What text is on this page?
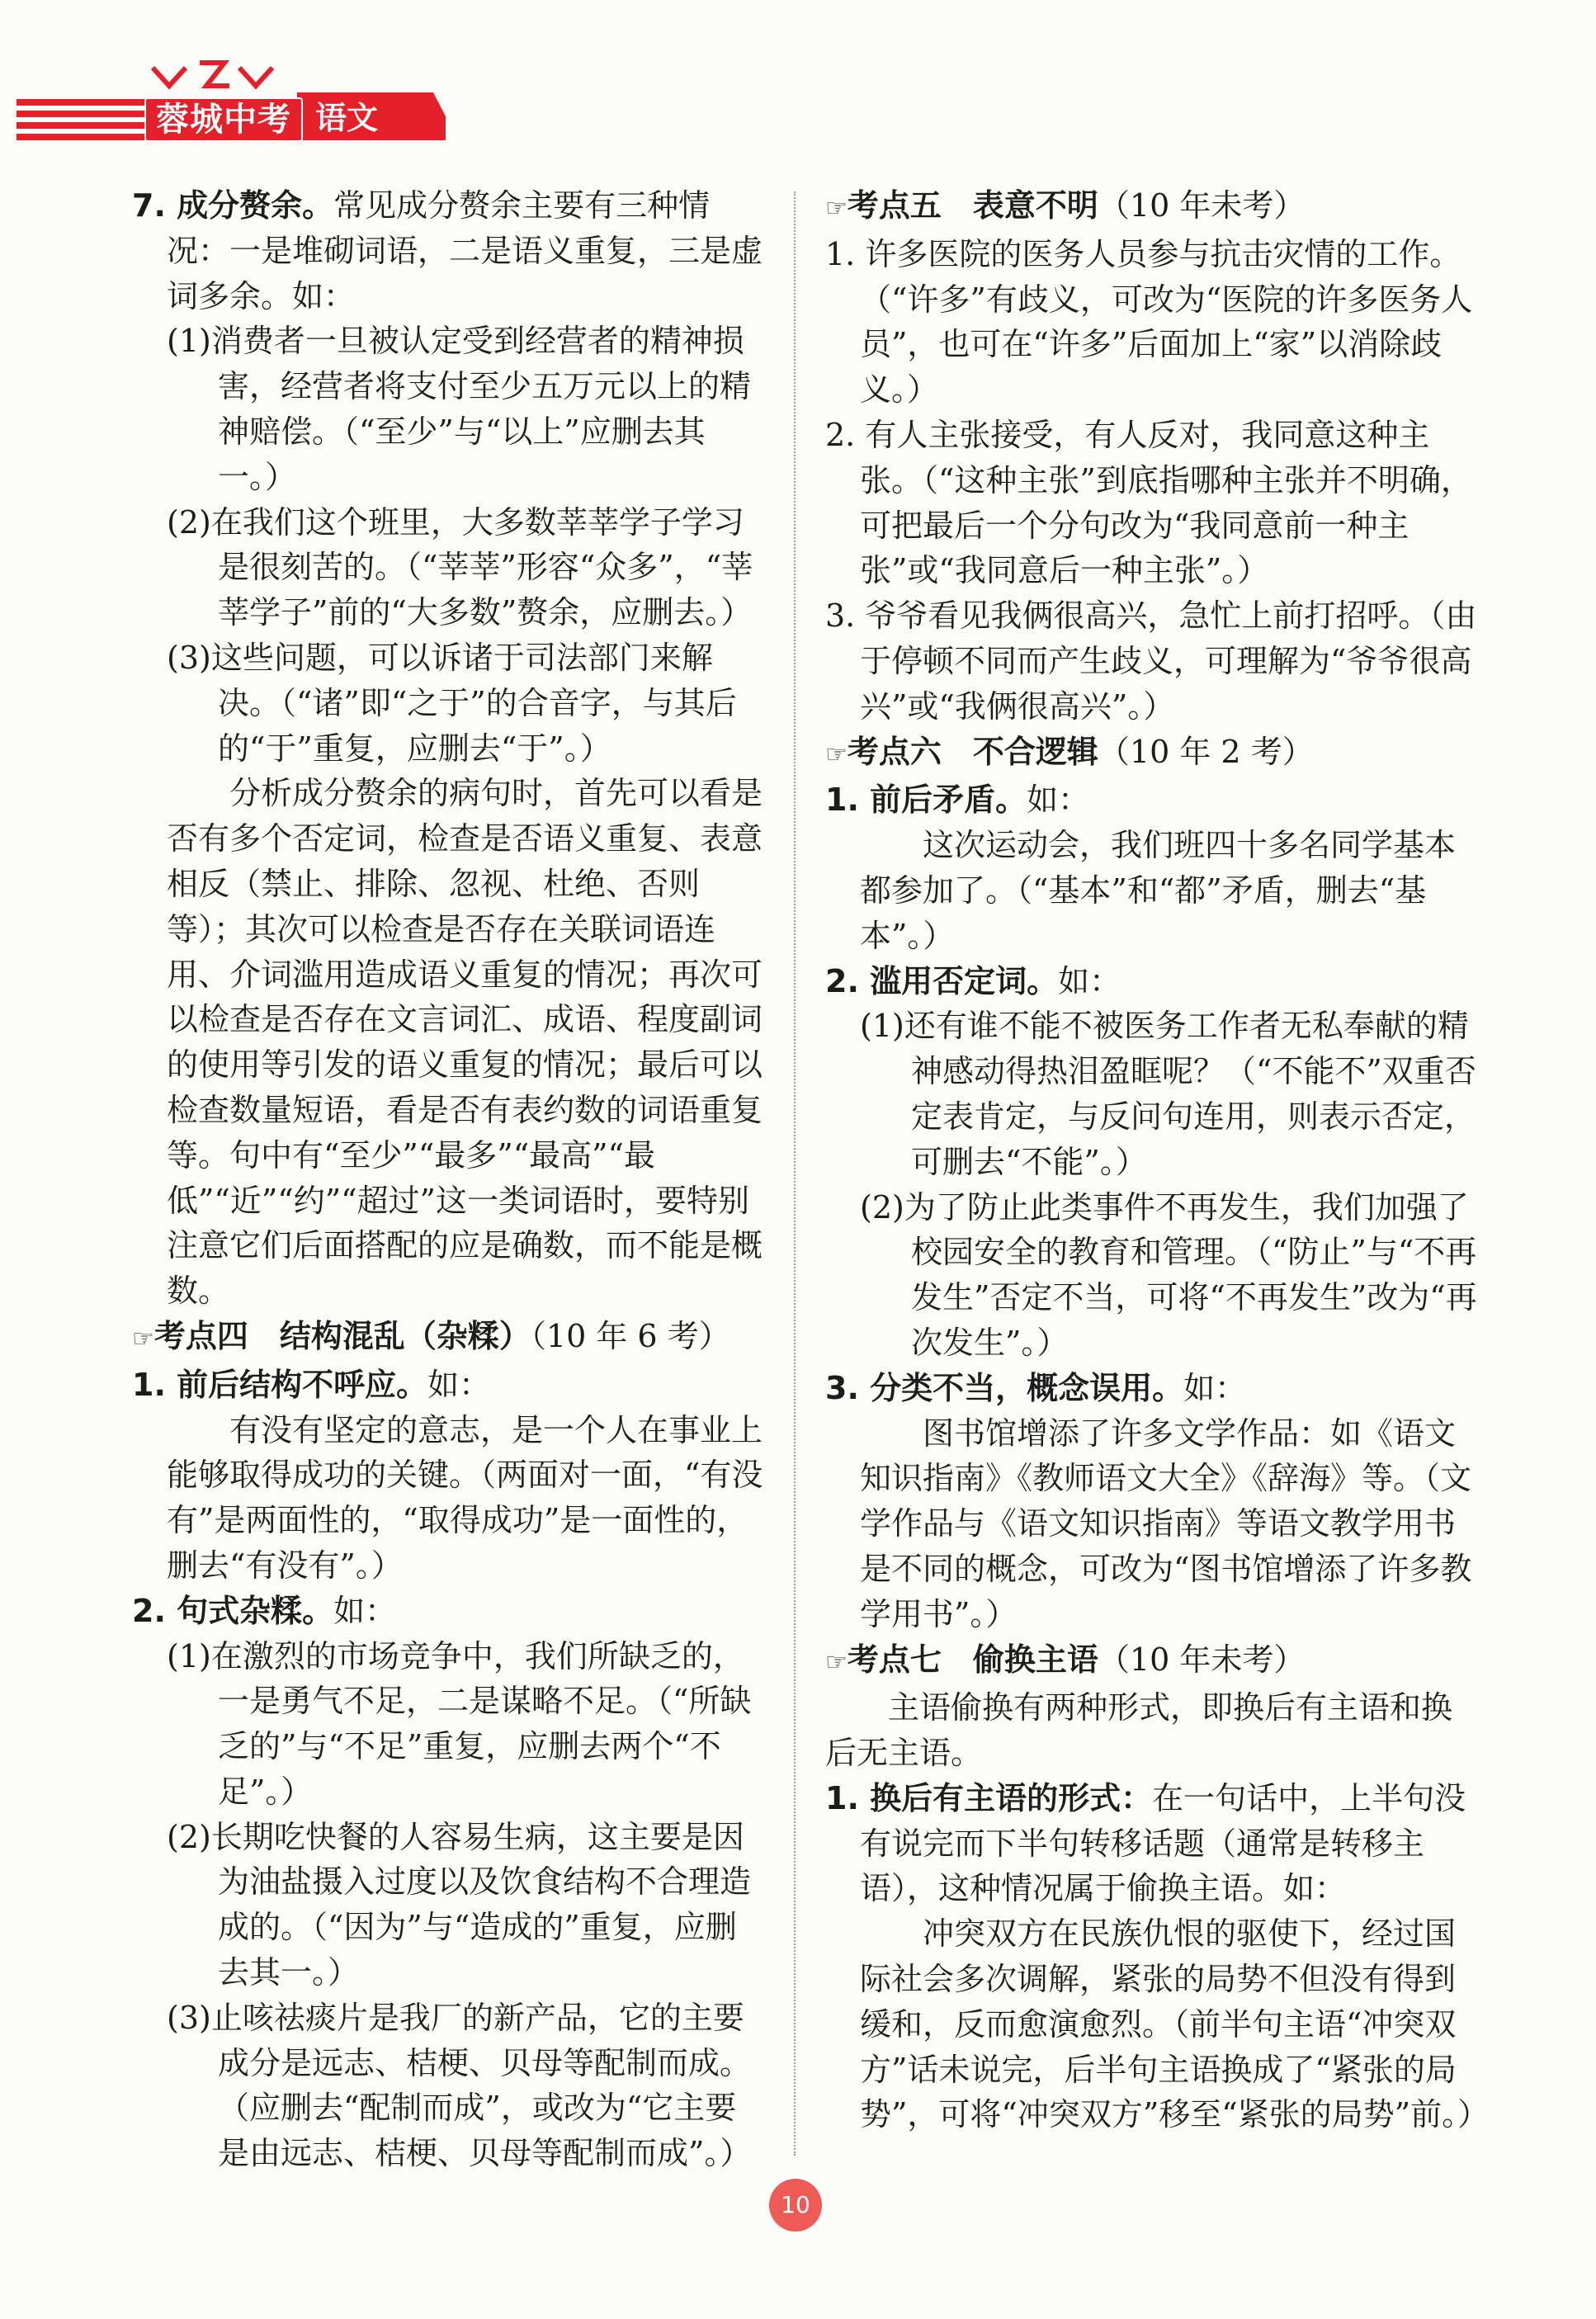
蓉城中考 语文

7. 成分赘余。常见成分赘余主要有三种情况：一是堆砌词语，二是语义重复，三是虚词多余。如：

(1)消费者一旦被认定受到经营者的精神损害，经营者将支付至少五万元以上的精神赔偿。（“至少”与“以上”应删去其一。）

(2)在我们这个班里，大多数莘莘学子学习是很刻苦的。（“莘莘”形容“众多”，“莘莘学子”前的“大多数”赘余，应删去。）

(3)这些问题，可以诉诸于司法部门来解决。（“诸”即“之于”的合音字，与其后的“于”重复，应删去“于”。）

分析成分赘余的病句时，首先可以看是否有多个否定词，检查是否语义重复、表意相反（禁止、排除、忽视、杜绝、否则等）；其次可以检查是否存在关联词语连用、介词滥用造成语义重复的情况；再次可以检查是否存在文言词汇、成语、程度副词的使用等引发的语义重复的情况；最后可以检查数量短语，看是否有表约数的词语重复等。句中有“至少”“最多”“最高”“最低”“近”“约”“超过”这一类词语时，要特别注意它们后面搭配的应是确数，而不能是概数。

☞考点四　结构混乱（杂糅）（10 年 6 考）

1. 前后结构不呼应。如：

有没有坚定的意志，是一个人在事业上能够取得成功的关键。（两面对一面，“有没有”是两面性的，“取得成功”是一面性的，删去“有没有”。）

2. 句式杂糅。如：

(1)在激烈的市场竞争中，我们所缺乏的，一是勇气不足，二是谋略不足。（“所缺乏的”与“不足”重复，应删去两个“不足”。）

(2)长期吃快餐的人容易生病，这主要是因为油盐摄入过度以及饮食结构不合理造成的。（“因为”与“造成的”重复，应删去其一。）

(3)止咳祛痰片是我厂的新产品，它的主要成分是远志、桔梗、贝母等配制而成。（应删去“配制而成”，或改为“它主要是由远志、桔梗、贝母等配制而成”。）

☞考点五　表意不明（10 年未考）

1. 许多医院的医务人员参与抗击灾情的工作。（“许多”有歧义，可改为“医院的许多医务人员”，也可在“许多”后面加上“家”以消除歧义。）

2. 有人主张接受，有人反对，我同意这种主张。（“这种主张”到底指哪种主张并不明确，可把最后一个分句改为“我同意前一种主张”或“我同意后一种主张”。）

3. 爷爷看见我俩很高兴，急忙上前打招呼。（由于停顿不同而产生歧义，可理解为“爷爷很高兴”或“我俩很高兴”。）

☞考点六　不合逻辑（10 年 2 考）

1. 前后矛盾。如：

这次运动会，我们班四十多名同学基本都参加了。（“基本”和“都”矛盾，删去“基本”。）

2. 滥用否定词。如：

(1)还有谁不能不被医务工作者无私奉献的精神感动得热泪盈眶呢？（“不能不”双重否定表肯定，与反问句连用，则表示否定，可删去“不能”。）

(2)为了防止此类事件不再发生，我们加强了校园安全的教育和管理。（“防止”与“不再发生”否定不当，可将“不再发生”改为“再次发生”。）

3. 分类不当，概念误用。如：

图书馆增添了许多文学作品：如《语文知识指南》《教师语文大全》《辞海》等。（文学作品与《语文知识指南》等语文教学用书是不同的概念，可改为“图书馆增添了许多教学用书”。）

☞考点七　偷换主语（10 年未考）

主语偷换有两种形式，即换后有主语和换后无主语。

1. 换后有主语的形式：在一句话中，上半句没有说完而下半句转移话题（通常是转移主语），这种情况属于偷换主语。如：

冲突双方在民族仇恨的驱使下，经过国际社会多次调解，紧张的局势不但没有得到缓和，反而愈演愈烈。（前半句主语“冲突双方”话未说完，后半句主语换成了“紧张的局势”，可将“冲突双方”移至“紧张的局势”前。）

10
